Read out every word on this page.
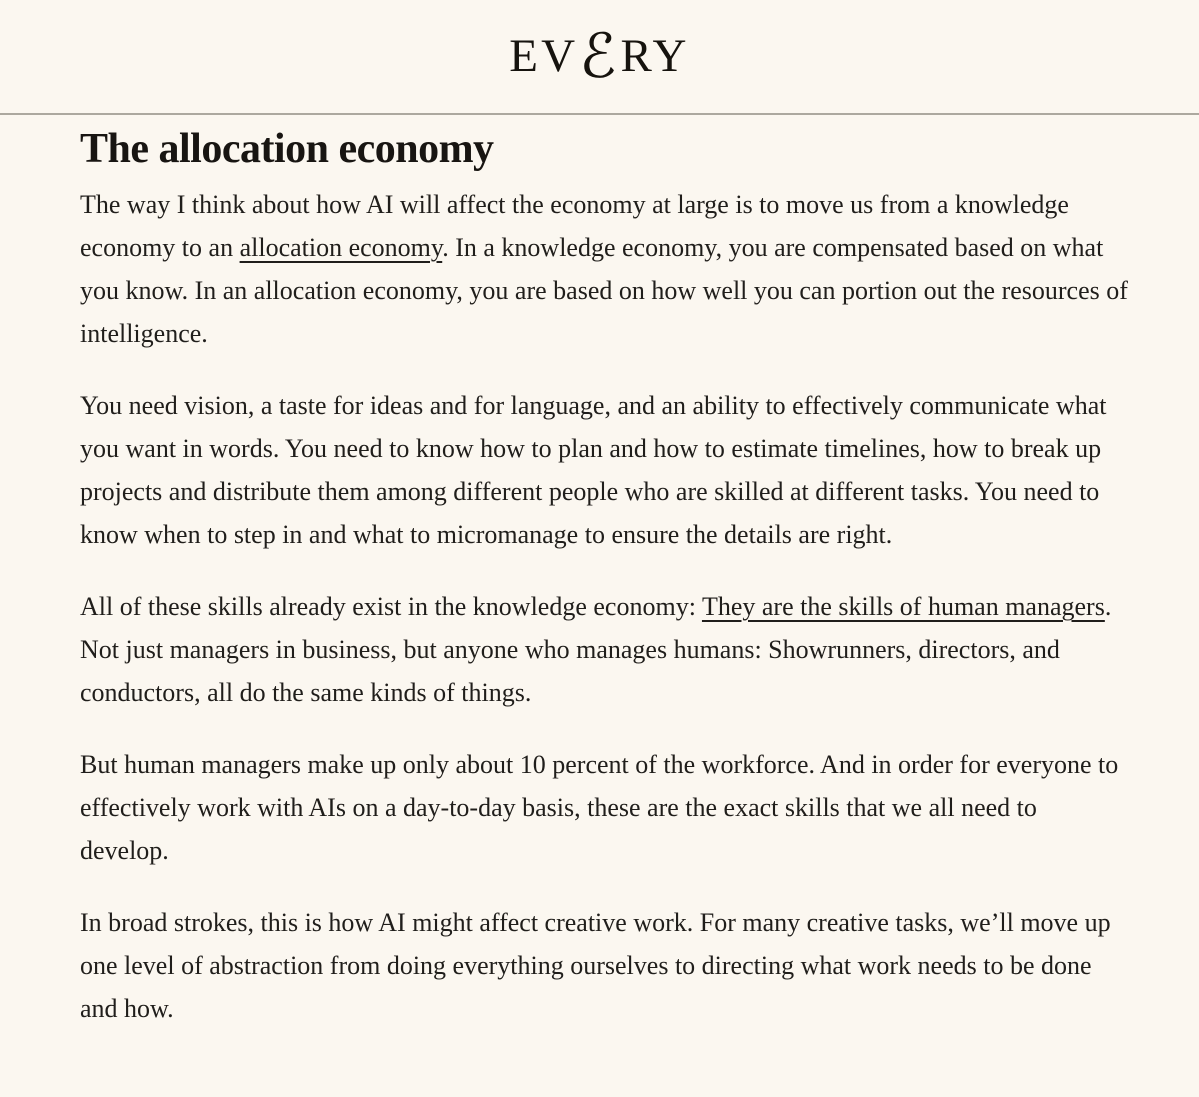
EV ℰ RY
The allocation economy

The way I think about how AI will affect the economy at large is to move us from a knowledge economy to an allocation economy. In a knowledge economy, you are compensated based on what you know. In an allocation economy, you are based on how well you can portion out the resources of intelligence.

You need vision, a taste for ideas and for language, and an ability to effectively communicate what you want in words. You need to know how to plan and how to estimate timelines, how to break up projects and distribute them among different people who are skilled at different tasks. You need to know when to step in and what to micromanage to ensure the details are right.

All of these skills already exist in the knowledge economy: They are the skills of human managers. Not just managers in business, but anyone who manages humans: Showrunners, directors, and conductors, all do the same kinds of things.

But human managers make up only about 10 percent of the workforce. And in order for everyone to effectively work with AIs on a day-to-day basis, these are the exact skills that we all need to develop.

In broad strokes, this is how AI might affect creative work. For many creative tasks, we’ll move up one level of abstraction from doing everything ourselves to directing what work needs to be done and how.
